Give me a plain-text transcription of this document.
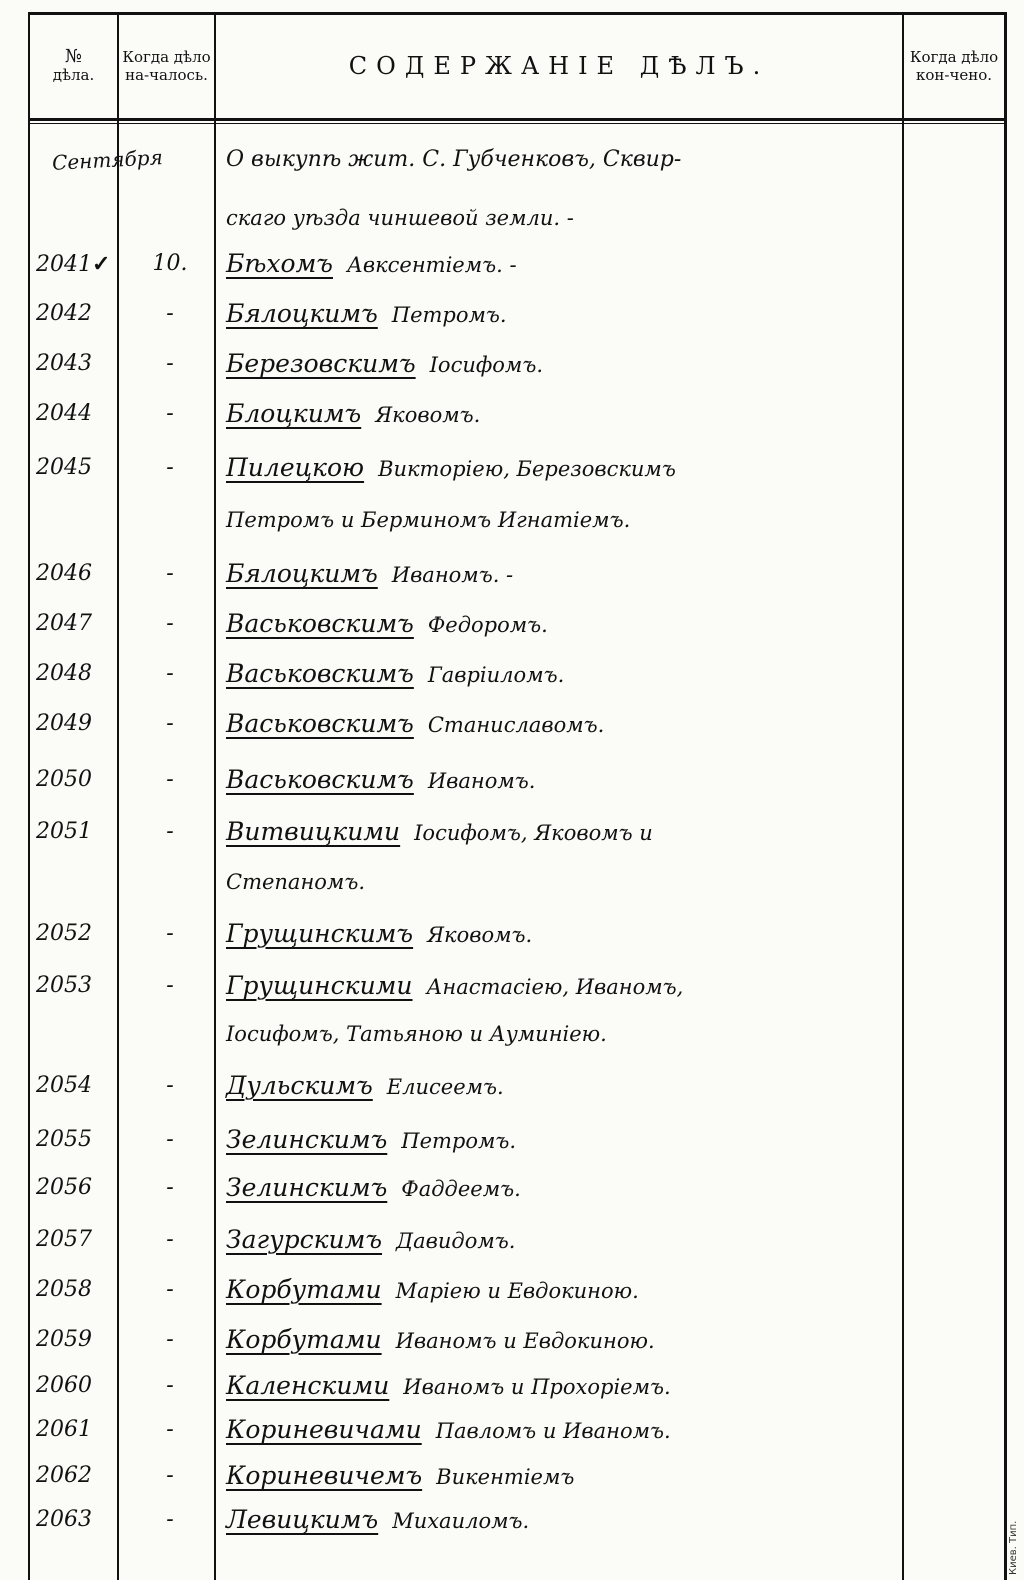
№
дѣла.
Когда дѣло на-чалось.	СОДЕРЖАНІЕ ДѢЛЪ.	Когда дѣло кон-чено.
Сентября	О выкупѣ жит. С. Губченковъ, Сквир-
скаго уѣзда чиншевой земли. -
2041✓	10.	Бѣхомъ Авксентіемъ. -
2042	-	Бялоцкимъ Петромъ.
2043	-	Березовскимъ Іосифомъ.
2044	-	Блоцкимъ Яковомъ.
2045	-	Пилецкою Викторіею, Березовскимъ
Петромъ и Берминомъ Игнатіемъ.
2046	-	Бялоцкимъ Иваномъ. -
2047	-	Васьковскимъ Федоромъ.
2048	-	Васьковскимъ Гавріиломъ.
2049	-	Васьковскимъ Станиславомъ.
2050	-	Васьковскимъ Иваномъ.
2051	-	Витвицкими Іосифомъ, Яковомъ и
Степаномъ.
2052	-	Грущинскимъ Яковомъ.
2053	-	Грущинскими Анастасіею, Иваномъ,
Іосифомъ, Татьяною и Ауминіею.
2054	-	Дульскимъ Елисеемъ.
2055	-	Зелинскимъ Петромъ.
2056	-	Зелинскимъ Фаддеемъ.
2057	-	Загурскимъ Давидомъ.
2058	-	Корбутами Маріею и Евдокиною.
2059	-	Корбутами Иваномъ и Евдокиною.
2060	-	Каленскими Иваномъ и Прохоріемъ.
2061	-	Кориневичами Павломъ и Иваномъ.
2062	-	Кориневичемъ Викентіемъ
2063	-	Левицкимъ Михаиломъ.	Киев. Тип.
